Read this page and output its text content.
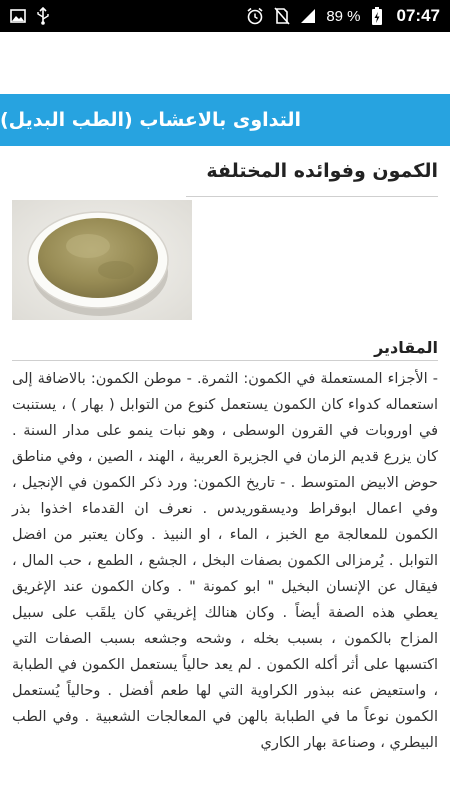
89 % 07:47
التداوى بالاعشاب (الطب البديل)
الكمون وفوائده المختلفة
المقادير
- الأجزاء المستعملة في الكمون: الثمرة. - موطن الكمون: بالاضافة إلى استعماله كدواء كان الكمون يستعمل كنوع من التوابل ( بهار ) ، يستنبت في اوروبات في القرون الوسطى ، وهو نبات ينمو على مدار السنة . كان يزرع قديم الزمان في الجزيرة العربية ، الهند ، الصين ، وفي مناطق حوض الابيض المتوسط . - تاريخ الكمون: ورد ذكر الكمون في الإنجيل ، وفي اعمال ابوقراط وديسقوريدس . نعرف ان القدماء اخذوا بذر الكمون للمعالجة مع الخبز ، الماء ، او النبيذ . وكان يعتبر من افضل التوابل . يُرمزالى الكمون بصفات البخل ، الجشع ، الطمع ، حب المال ، فيقال عن الإنسان البخيل " ابو كمونة " . وكان الكمون عند الإغريق يعطي هذه الصفة أيضاً . وكان هنالك إغريقي كان يلقَب على سبيل المزاح بالكمون ، بسبب بخله ، وشحه وجشعه بسبب الصفات التي اكتسبها على أثر أكله الكمون . لم يعد حالياً يستعمل الكمون في الطبابة ، واستعيض عنه ببذور الكراوية التي لها طعم أفضل . وحالياً يُستعمل الكمون نوعاً ما في الطبابة بالهن في المعالجات الشعبية . وفي الطب البيطري ، وصناعة بهار الكاري
